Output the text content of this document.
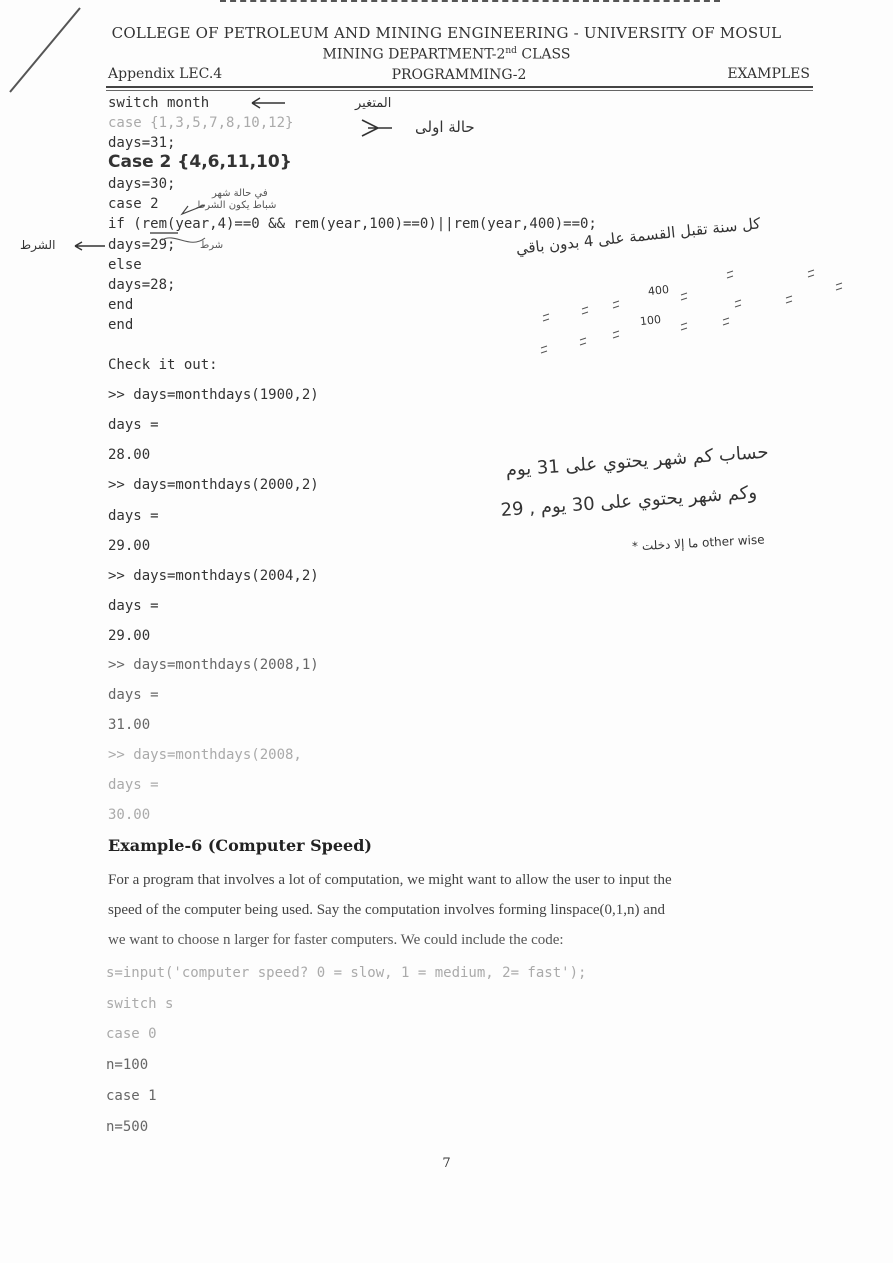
COLLEGE OF PETROLEUM AND MINING ENGINEERING - UNIVERSITY OF MOSUL
MINING DEPARTMENT-2nd CLASS
Appendix LEC.4	PROGRAMMING-2	EXAMPLES
switch month
case {1,3,5,7,8,10,12}
days=31;
Case 2 {4,6,11,10}
days=30;
case 2
if (rem(year,4)==0 && rem(year,100)==0)||rem(year,400)==0;
days=29;
else
days=28;
end
end
Check it out:
>> days=monthdays(1900,2)
days =
28.00
>> days=monthdays(2000,2)
days =
29.00
>> days=monthdays(2004,2)
days =
29.00
>> days=monthdays(2008,1)
days =
31.00
>> days=monthdays(2008,
days =
30.00
Example-6 (Computer Speed)
For a program that involves a lot of computation, we might want to allow the user to input the
speed of the computer being used. Say the computation involves forming linspace(0,1,n) and
we want to choose n larger for faster computers. We could include the code:
s=input('computer speed? 0 = slow, 1 = medium, 2= fast');
switch s
case 0
n=100
case 1
n=500
المتغير
حالة اولى
في حالة شهر
شباط يكون الشرط
الشرط	شرط	كل سنة تقبل القسمة على 4 بدون باقي
400
100
حساب كم شهر يحتوي على 31 يوم
وكم شهر يحتوي على 30 يوم , 29
* ما إلا دخلت other wise
7
